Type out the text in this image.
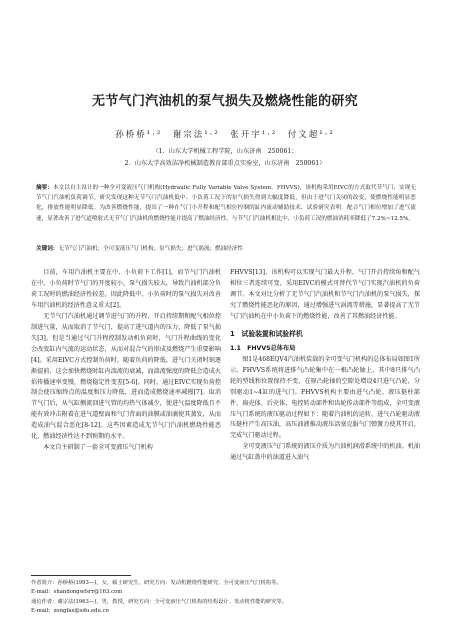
无节气门汽油机的泵气损失及燃烧性能的研究
孙桥桥¹·²　谢宗法¹·²　张开宇¹·²　付文超¹·²
（1．山东大学机械工程学院，山东济南　250061；
2．山东大学高效洁净机械制造教育部重点实验室，山东济南　250061）
摘要：本文以自主设计的一种全可变液压气门机构(Hydraulic Fully Variable Valve System，FHVVS)，该机构采用EIVC的方式取代节气门，实现无节气门汽油机负荷调节。研究发现这种无节气门汽油机低中、小负荷工况下的泵气损失得到大幅度降低，但由于进气门关闭的改变，使燃烧性能明显恶化，排放性能明显降低。为改善燃烧性能，提出了一种在气门小升程和配气相位控制的缸内流动辅助技术，试验研究表明：配合气门相位增加了进气流速，显著改善了进气道喷射式无节气门汽油机的燃烧性能并提高了燃油经济性，与节气门汽油机相比中、小负荷工况的燃油消耗率降低了7.2%~12.5%。
关键词：无节气门汽油机；全可变液压气门机构；泵气损失；进气涡流；燃油经济性

目前，车用汽油机主要在中、小负荷下工作[1]，而节气门汽油机在中、小负荷时节气门的开度较小，泵气损失较大，导致汽油机部分负荷工况时的燃油经济性较差。因此降低中、小负荷时的泵气损失对改善车用汽油机的经济性意义重大[2]。

无节气门汽油机通过调节进气门的升程、开启持续期和配气相位控制进气量，从而取消了节气门，提高了进气道内的压力，降低了泵气损失[3]。但是当通过气门升程控制发动机负荷时，气门升程曲线的变化会改变缸内气流的运动状态，从而对混合气的形成及燃烧产生重要影响[4]。采用EIVC方式控制负荷时，随着负荷的降低，进气门关闭时刻逐渐提前，这会加快燃烧时缸内湍流的衰减，而湍流强度的降低会造成火焰传播速率变慢，燃烧稳定性变差[5-6]。同时，通过EIVC实现负荷控制会使压缩终点的温度和压力降低，进而造成燃烧速率减慢[7]。取消节气门后，从气缸侧流回进气管的均热气体减少，使进气温度降低且不能有效冲击附着在进气道壁面和气门背面的油膜或油滴使其蒸发，从而造成油气混合恶化[8-12]。这些因素造成无节气门汽油机燃烧性能恶化，燃油经济性达不到预期的水平。

本文自主研制了一套全可变液压气门机构

FHVVS[13]，该机构可以实现气门最大升程、气门开启持续角和配气相位三者连续可变，采用EIVC的模式可替代节气门实现汽油机的负荷调节。本文对比分析了无节气门汽油机和节气门汽油机的泵气损失，探究了燃烧性能恶化的原因，通过增强进气涡流等措施，显著提高了无节气门汽油机在中小负荷下的燃烧性能，改善了其燃油经济性能。

1　试验装置和试验样机
1.1　FHVVS总体布局

图1是468EQV4汽油机装载的全可变气门机构的总体布局如图1所示。FHVVS系统将进排气凸轮集中在一根凸轮轴上，其中8只排气凸轮的型线和位置保持不变，在原凸轮轴的空隙处增设4只进气凸轮，分别驱动1~4缸的进气门。FHVVS机构主要由进气凸轮、液压挺柱部件、扁売体、后壳体、电控转动部件和齿轮传动部件等组成，全可变液压气门系统的液压驱动过程如下：随着汽油机的运转，进气凸轮驱动液压挺柱产生高压油，高压油液推动液压活塞克服气门弹簧力使其开启，完成气门驱动过程。

全可变液压气门系统的液压介质为汽油机润滑系统中的机油。机油通过气缸盖中的油道进入油气

作者简介：孙桥桥(1993—)，女，硕士研究生，研究方向：发动机燃烧性能研究、全可变液压气门机构等。
E-mail：shandongwfsrr@163.com
通信作者：谢宗法(1963—)，男，教授，研究方向：全可变液压气门机构的结构设计、发动机性能的研究等。
E-mail：zongfax@sdu.edu.cn
